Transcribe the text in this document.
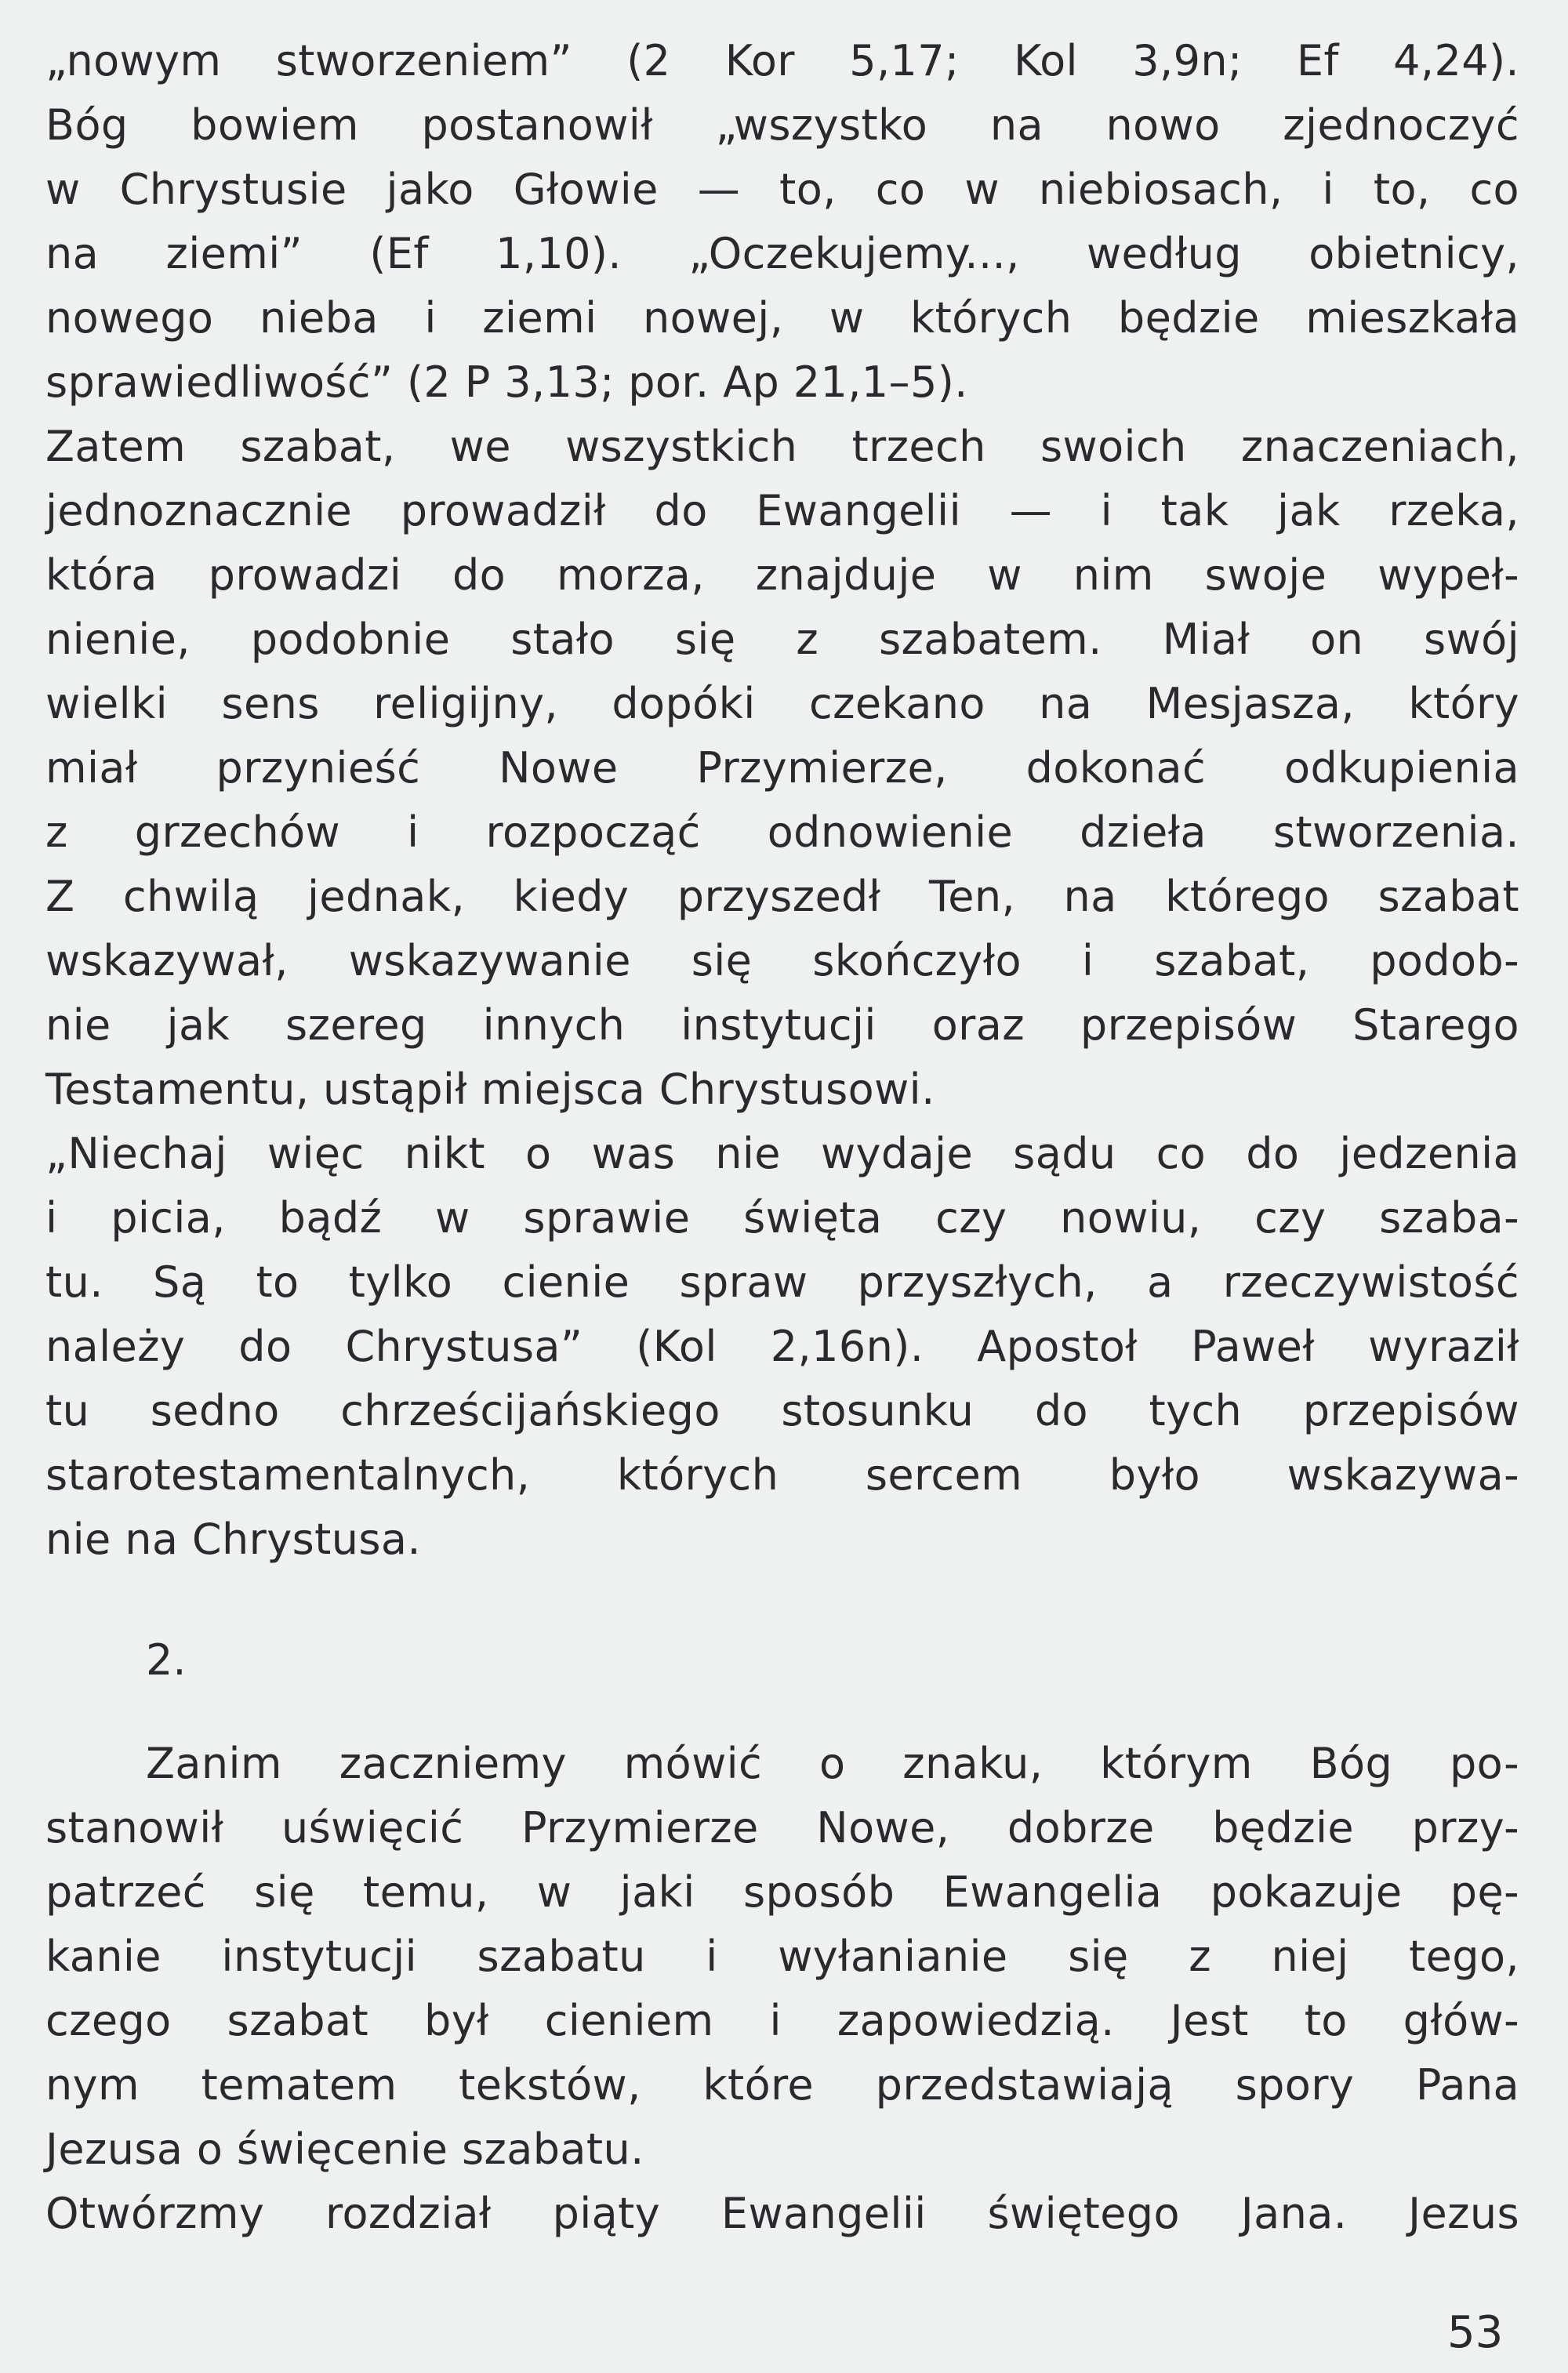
„nowym stworzeniem” (2 Kor 5,17; Kol 3,9n; Ef 4,24).
Bóg bowiem postanowił „wszystko na nowo zjednoczyć
w Chrystusie jako Głowie — to, co w niebiosach, i to, co
na ziemi” (Ef 1,10). „Oczekujemy..., według obietnicy,
nowego nieba i ziemi nowej, w których będzie mieszkała
sprawiedliwość” (2 P 3,13; por. Ap 21,1–5).
Zatem szabat, we wszystkich trzech swoich znaczeniach,
jednoznacznie prowadził do Ewangelii — i tak jak rzeka,
która prowadzi do morza, znajduje w nim swoje wypeł-
nienie, podobnie stało się z szabatem. Miał on swój
wielki sens religijny, dopóki czekano na Mesjasza, który
miał przynieść Nowe Przymierze, dokonać odkupienia
z grzechów i rozpocząć odnowienie dzieła stworzenia.
Z chwilą jednak, kiedy przyszedł Ten, na którego szabat
wskazywał, wskazywanie się skończyło i szabat, podob-
nie jak szereg innych instytucji oraz przepisów Starego
Testamentu, ustąpił miejsca Chrystusowi.
„Niechaj więc nikt o was nie wydaje sądu co do jedzenia
i picia, bądź w sprawie święta czy nowiu, czy szaba-
tu. Są to tylko cienie spraw przyszłych, a rzeczywistość
należy do Chrystusa” (Kol 2,16n). Apostoł Paweł wyraził
tu sedno chrześcijańskiego stosunku do tych przepisów
starotestamentalnych, których sercem było wskazywa-
nie na Chrystusa.
2.
Zanim zaczniemy mówić o znaku, którym Bóg po-
stanowił uświęcić Przymierze Nowe, dobrze będzie przy-
patrzeć się temu, w jaki sposób Ewangelia pokazuje pę-
kanie instytucji szabatu i wyłanianie się z niej tego,
czego szabat był cieniem i zapowiedzią. Jest to głów-
nym tematem tekstów, które przedstawiają spory Pana
Jezusa o święcenie szabatu.
Otwórzmy rozdział piąty Ewangelii świętego Jana. Jezus
53
